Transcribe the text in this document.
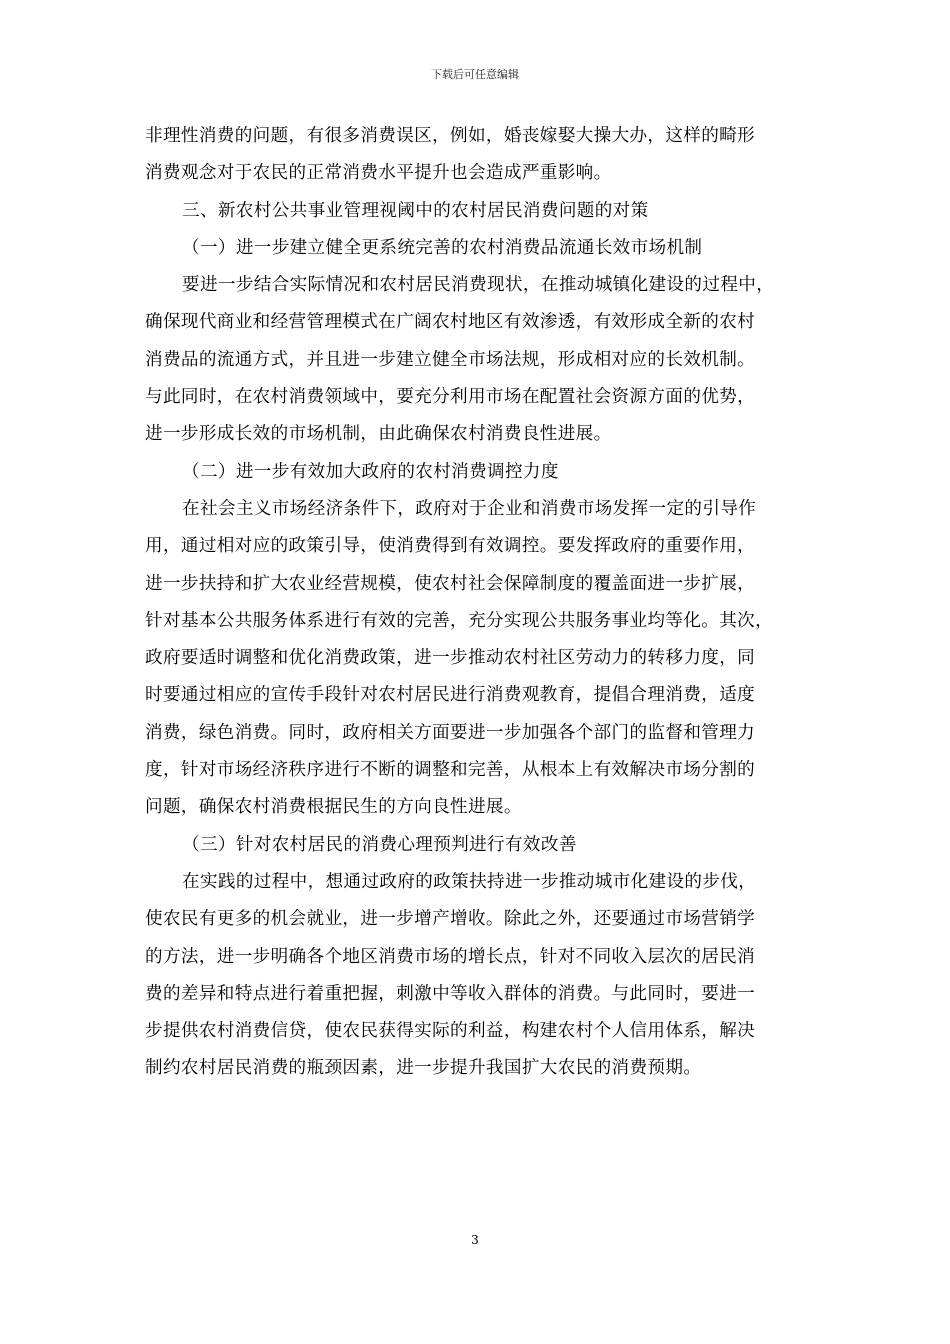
下载后可任意编辑

非理性消费的问题，有很多消费误区，例如，婚丧嫁娶大操大办，这样的畸形

消费观念对于农民的正常消费水平提升也会造成严重影响。

三、新农村公共事业管理视阈中的农村居民消费问题的对策

（一）进一步建立健全更系统完善的农村消费品流通长效市场机制

要进一步结合实际情况和农村居民消费现状，在推动城镇化建设的过程中，

确保现代商业和经营管理模式在广阔农村地区有效渗透，有效形成全新的农村

消费品的流通方式，并且进一步建立健全市场法规，形成相对应的长效机制。

与此同时，在农村消费领域中，要充分利用市场在配置社会资源方面的优势，

进一步形成长效的市场机制，由此确保农村消费良性进展。

（二）进一步有效加大政府的农村消费调控力度

在社会主义市场经济条件下，政府对于企业和消费市场发挥一定的引导作

用，通过相对应的政策引导，使消费得到有效调控。要发挥政府的重要作用，

进一步扶持和扩大农业经营规模，使农村社会保障制度的覆盖面进一步扩展，

针对基本公共服务体系进行有效的完善，充分实现公共服务事业均等化。其次，

政府要适时调整和优化消费政策，进一步推动农村社区劳动力的转移力度，同

时要通过相应的宣传手段针对农村居民进行消费观教育，提倡合理消费，适度

消费，绿色消费。同时，政府相关方面要进一步加强各个部门的监督和管理力

度，针对市场经济秩序进行不断的调整和完善，从根本上有效解决市场分割的

问题，确保农村消费根据民生的方向良性进展。

（三）针对农村居民的消费心理预判进行有效改善

在实践的过程中，想通过政府的政策扶持进一步推动城市化建设的步伐，

使农民有更多的机会就业，进一步增产增收。除此之外，还要通过市场营销学

的方法，进一步明确各个地区消费市场的增长点，针对不同收入层次的居民消

费的差异和特点进行着重把握，刺激中等收入群体的消费。与此同时，要进一

步提供农村消费信贷，使农民获得实际的利益，构建农村个人信用体系，解决

制约农村居民消费的瓶颈因素，进一步提升我国扩大农民的消费预期。

3
